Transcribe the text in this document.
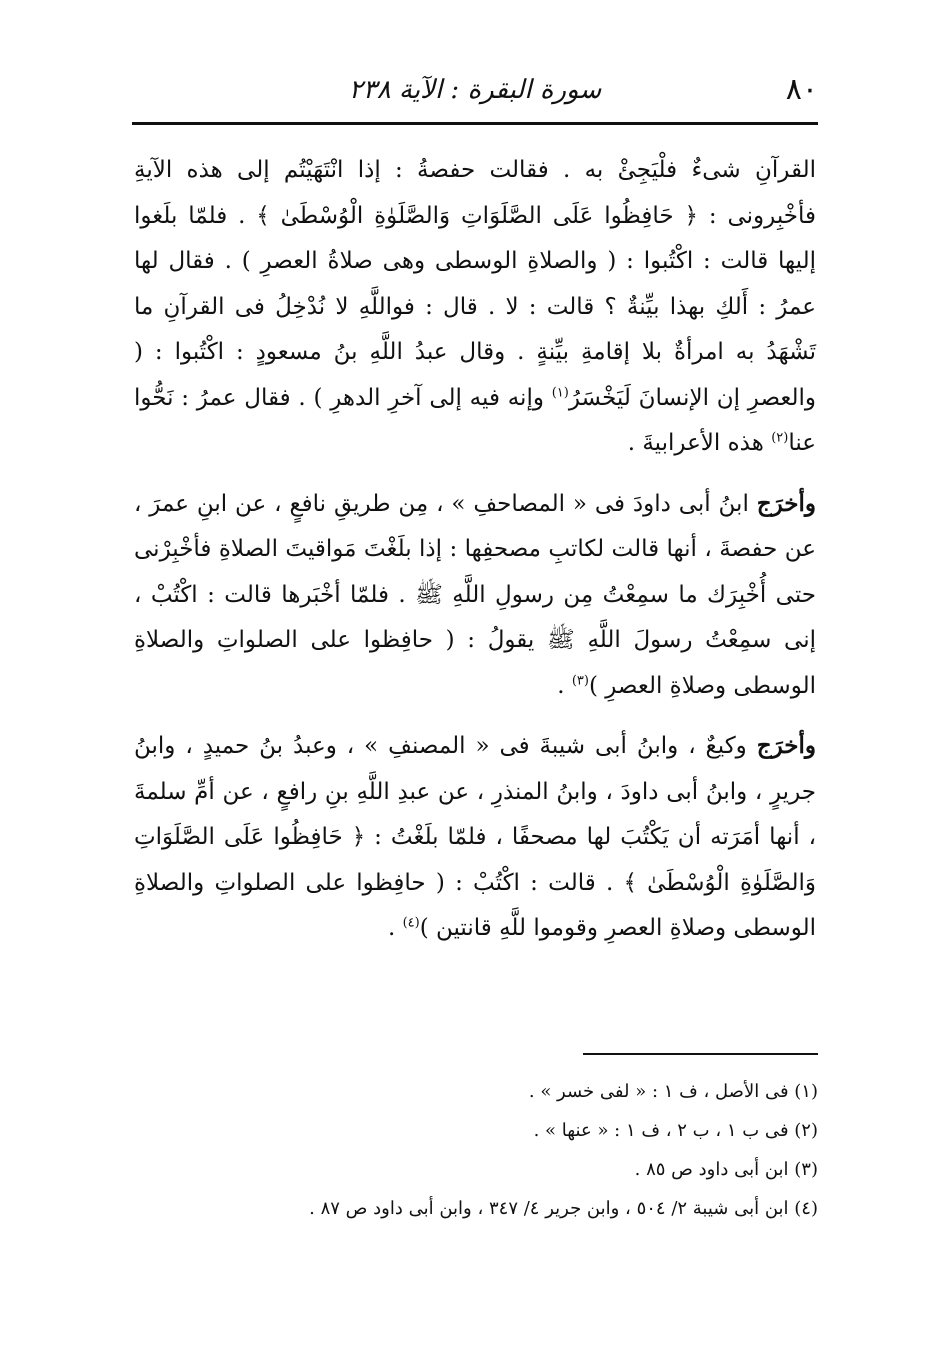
٨٠
سورة البقرة : الآية ٢٣٨

القرآنِ شىءٌ فلْيَجِئْ به . فقالت حفصةُ : إذا انْتَهَيْتُم إلى هذه الآيةِ فأخْبِرونى : ﴿ حَافِظُوا عَلَى الصَّلَوَاتِ وَالصَّلَوٰةِ الْوُسْطَىٰ ﴾ . فلمّا بلَغوا إليها قالت : اكْتُبوا : ( والصلاةِ الوسطى وهى صلاةُ العصرِ ) . فقال لها عمرُ : أَلكِ بهذا بيِّنةٌ ؟ قالت : لا . قال : فواللَّهِ لا نُدْخِلُ فى القرآنِ ما تَشْهَدُ به امرأةٌ بلا إقامةِ بيِّنةٍ . وقال عبدُ اللَّهِ بنُ مسعودٍ : اكْتُبوا : ( والعصرِ إن الإنسانَ لَيَخْسَرُ$^{(١)}$ وإنه فيه إلى آخرِ الدهرِ ) . فقال عمرُ : نَحُّوا عنا$^{(٢)}$ هذه الأعرابيةَ .

وأخرَج ابنُ أبى داودَ فى « المصاحفِ » ، مِن طريقِ نافعٍ ، عن ابنِ عمرَ ، عن حفصةَ ، أنها قالت لكاتبِ مصحفِها : إذا بلَغْتَ مَواقيتَ الصلاةِ فأخْبِرْنى حتى أُخْبِرَك ما سمِعْتُ مِن رسولِ اللَّهِ ﷺ . فلمّا أخْبَرها قالت : اكْتُبْ ، إنى سمِعْتُ رسولَ اللَّهِ ﷺ يقولُ : ( حافِظوا على الصلواتِ والصلاةِ الوسطى وصلاةِ العصرِ )$^{(٣)}$ .

وأخرَج وكيعٌ ، وابنُ أبى شيبةَ فى « المصنفِ » ، وعبدُ بنُ حميدٍ ، وابنُ جريرٍ ، وابنُ أبى داودَ ، وابنُ المنذرِ ، عن عبدِ اللَّهِ بنِ رافعٍ ، عن أمِّ سلمةَ ، أنها أمَرَته أن يَكْتُبَ لها مصحفًا ، فلمّا بلَغْتُ : ﴿ حَافِظُوا عَلَى الصَّلَوَاتِ وَالصَّلَوٰةِ الْوُسْطَىٰ ﴾ . قالت : اكْتُبْ : ( حافِظوا على الصلواتِ والصلاةِ الوسطى وصلاةِ العصرِ وقوموا للَّهِ قانتين )$^{(٤)}$ .

(١) فى الأصل ، ف ١ : « لفى خسر » .

(٢) فى ب ١ ، ب ٢ ، ف ١ : « عنها » .

(٣) ابن أبى داود ص ٨٥ .

(٤) ابن أبى شيبة ٢/ ٥٠٤ ، وابن جرير ٤/ ٣٤٧ ، وابن أبى داود ص ٨٧ .
